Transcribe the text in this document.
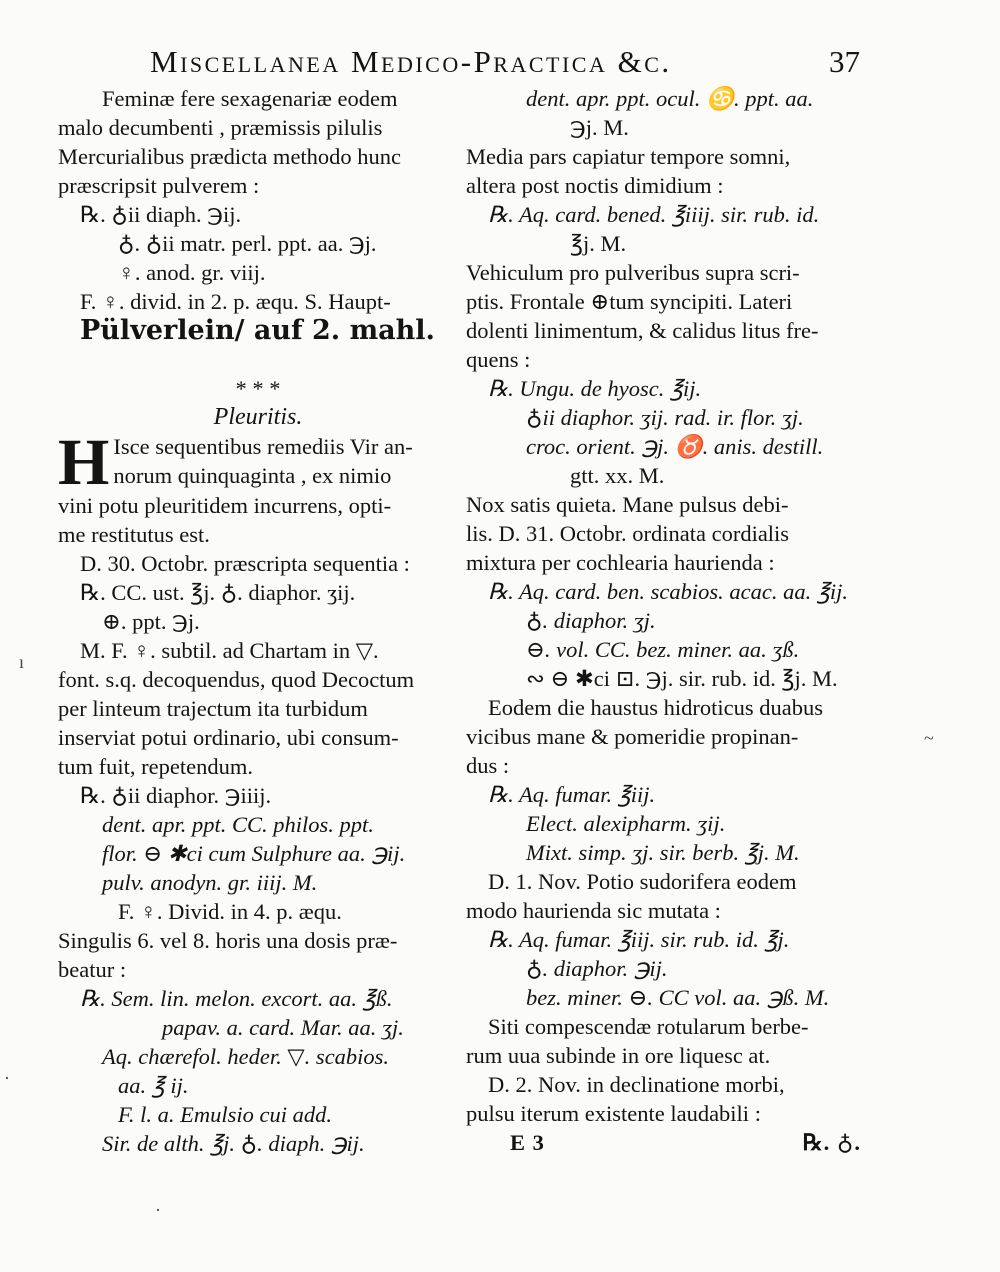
Miscellanea Medico-Practica &c.	37
Feminæ fere sexagenariæ eodem
malo decumbenti , præmissis pilulis
Mercurialibus prædicta methodo hunc
præscripsit pulverem :
℞. ♁ii diaph. ℈ij.
♁. ♁ii matr. perl. ppt. aa. ℈j.
♀. anod. gr. viij.
F. ♀. divid. in 2. p. æqu. S. Haupt-
Pülverlein/ auf 2. mahl.
* * *
Pleuritis.
H Isce sequentibus remediis Vir an-
norum quinquaginta , ex nimio
vini potu pleuritidem incurrens, opti-
me restitutus est.
D. 30. Octobr. præscripta sequentia :
℞. CC. ust. ℥j. ♁. diaphor. ʒij.
⊕. ppt. ℈j.
M. F. ♀. subtil. ad Chartam in ▽.
font. s.q. decoquendus, quod Decoctum
per linteum trajectum ita turbidum
inserviat potui ordinario, ubi consum-
tum fuit, repetendum.
℞. ♁ii diaphor. ℈iiij.
dent. apr. ppt. CC. philos. ppt.
flor. ⊖ ✱ci cum Sulphure aa. ℈ij.
pulv. anodyn. gr. iiij. M.
F. ♀. Divid. in 4. p. æqu.
Singulis 6. vel 8. horis una dosis præ-
beatur :
℞. Sem. lin. melon. excort. aa. ℥ß.
papav. a. card. Mar. aa. ʒj.
Aq. chærefol. heder. ▽. scabios.
aa. ℥ ij.
F. l. a. Emulsio cui add.
Sir. de alth. ℥j. ♁. diaph. ℈ij.
dent. apr. ppt. ocul. ♋. ppt. aa.
℈j. M.
Media pars capiatur tempore somni,
altera post noctis dimidium :
℞. Aq. card. bened. ℥iiij. sir. rub. id.
℥j. M.
Vehiculum pro pulveribus supra scri-
ptis. Frontale ⊕tum syncipiti. Lateri
dolenti linimentum, & calidus litus fre-
quens :
℞. Ungu. de hyosc. ℥ij.
♁ii diaphor. ʒij. rad. ir. flor. ʒj.
croc. orient. ℈j. ♉. anis. destill.
gtt. xx. M.
Nox satis quieta. Mane pulsus debi-
lis. D. 31. Octobr. ordinata cordialis
mixtura per cochlearia haurienda :
℞. Aq. card. ben. scabios. acac. aa. ℥ij.
♁. diaphor. ʒj.
⊖. vol. CC. bez. miner. aa. ʒß.
∾ ⊖ ✱ci ⊡. ℈j. sir. rub. id. ℥j. M.
Eodem die haustus hidroticus duabus
vicibus mane & pomeridie propinan-
dus :
℞. Aq. fumar. ℥iij.
Elect. alexipharm. ʒij.
Mixt. simp. ʒj. sir. berb. ℥j. M.
D. 1. Nov. Potio sudorifera eodem
modo haurienda sic mutata :
℞. Aq. fumar. ℥iij. sir. rub. id. ℥j.
♁. diaphor. ℈ij.
bez. miner. ⊖. CC vol. aa. ℈ß. M.
Siti compescendæ rotularum berbe-
rum uua subinde in ore liquesc at.
D. 2. Nov. in declinatione morbi,
pulsu iterum existente laudabili :
E 3	℞. ♁.
ı
·
·
~
